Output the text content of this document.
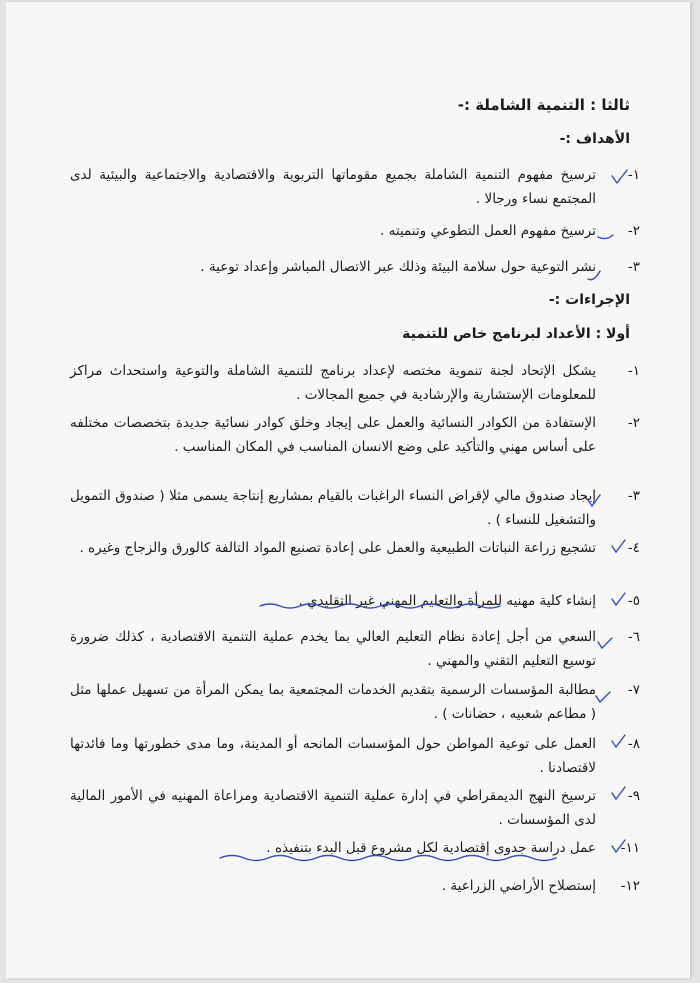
ثالثا : التنمية الشاملة :-
الأهداف :-
١-
ترسيخ مفهوم التنمية الشاملة بجميع مقوماتها التربوية والاقتصادية والاجتماعية والبيئية لدى المجتمع نساء ورجالا .
٢-
ترسيخ مفهوم العمل التطوعي وتنميته .
٣-
نشر التوعية حول سلامة البيئة وذلك عبر الاتصال المباشر وإعداد توعية .
الإجراءات :-
أولا : الأعداد لبرنامج خاص للتنمية
١-
يشكل الإتحاد لجنة تنموية مختصه لإعداد برنامج للتنمية الشاملة والتوعية واستحداث مراكز للمعلومات الإستشارية والإرشادية في جميع المجالات .
٢-
الإستفادة من الكوادر النسائية والعمل على إيجاد وخلق كوادر نسائية جديدة بتخصصات مختلفه على أساس مهني والتأكيد على وضع الانسان المناسب في المكان المناسب .
٣-
إيجاد صندوق مالي لإقراض النساء الراغبات بالقيام بمشاريع إنتاجة يسمى مثلا ( صندوق التمويل والتشغيل للنساء ) .
٤-
تشجيع زراعة النباتات الطبيعية والعمل على إعادة تصنيع المواد التالفة كالورق والزجاج وغيره .
٥-
إنشاء كلية مهنيه للمرأة والتعليم المهني غير التقليدي .
٦-
السعي من أجل إعادة نظام التعليم العالي بما يخدم عملية التنمية الاقتصادية ، كذلك ضرورة توسيع التعليم التقني والمهني .
٧-
مطالبة المؤسسات الرسمية بتقديم الخدمات المجتمعية بما يمكن المرأة من تسهيل عملها مثل ( مطاعم شعبيه ، حضانات ) .
٨-
العمل على توعية المواطن حول المؤسسات المانحه أو المدينة، وما مدى خطورتها وما فائدتها لاقتصادنا .
٩-
ترسيخ النهج الديمقراطي في إدارة عملية التنمية الاقتصادية ومراعاة المهنيه في الأمور المالية لدى المؤسسات .
١١-
عمل دراسة جدوى إقتصادية لكل مشروع قبل البدء بتنفيذه .
١٢-
إستصلاح الأراضي الزراعية .
